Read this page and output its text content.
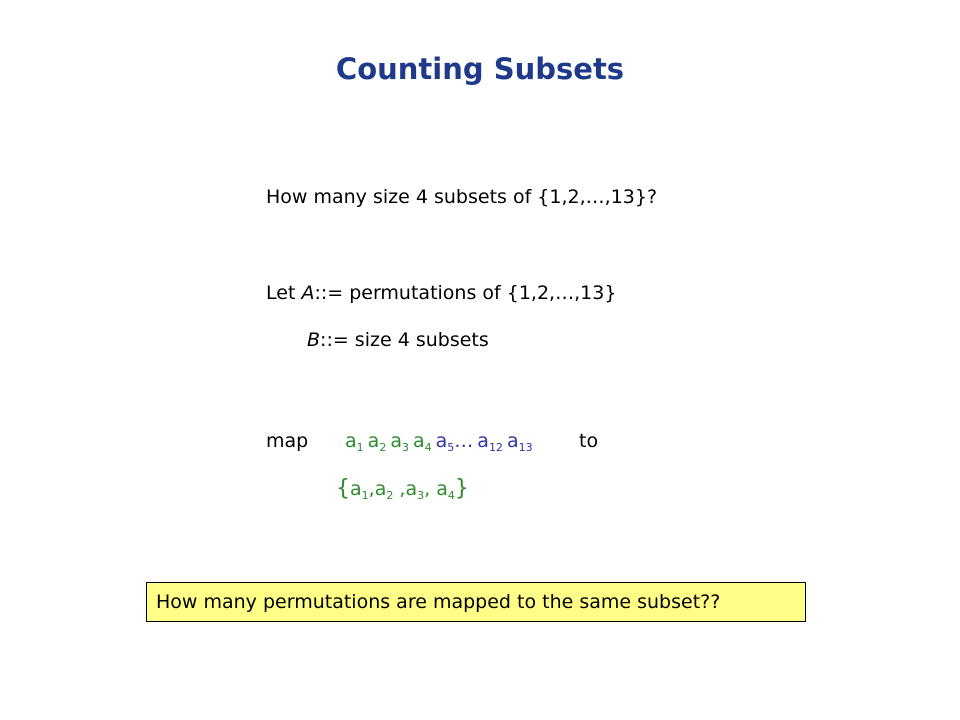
Counting Subsets
How many size 4 subsets of {1,2,…,13}?
Let A::= permutations of {1,2,…,13}
B::= size 4 subsets
map $a_1$ $a_2$ $a_3$ $a_4$ $a_5\dots$ $a_{12}$ $a_{13}$ to
{$a_1,a_2$ $,a_3$, $a_4$}
How many permutations are mapped to the same subset??
